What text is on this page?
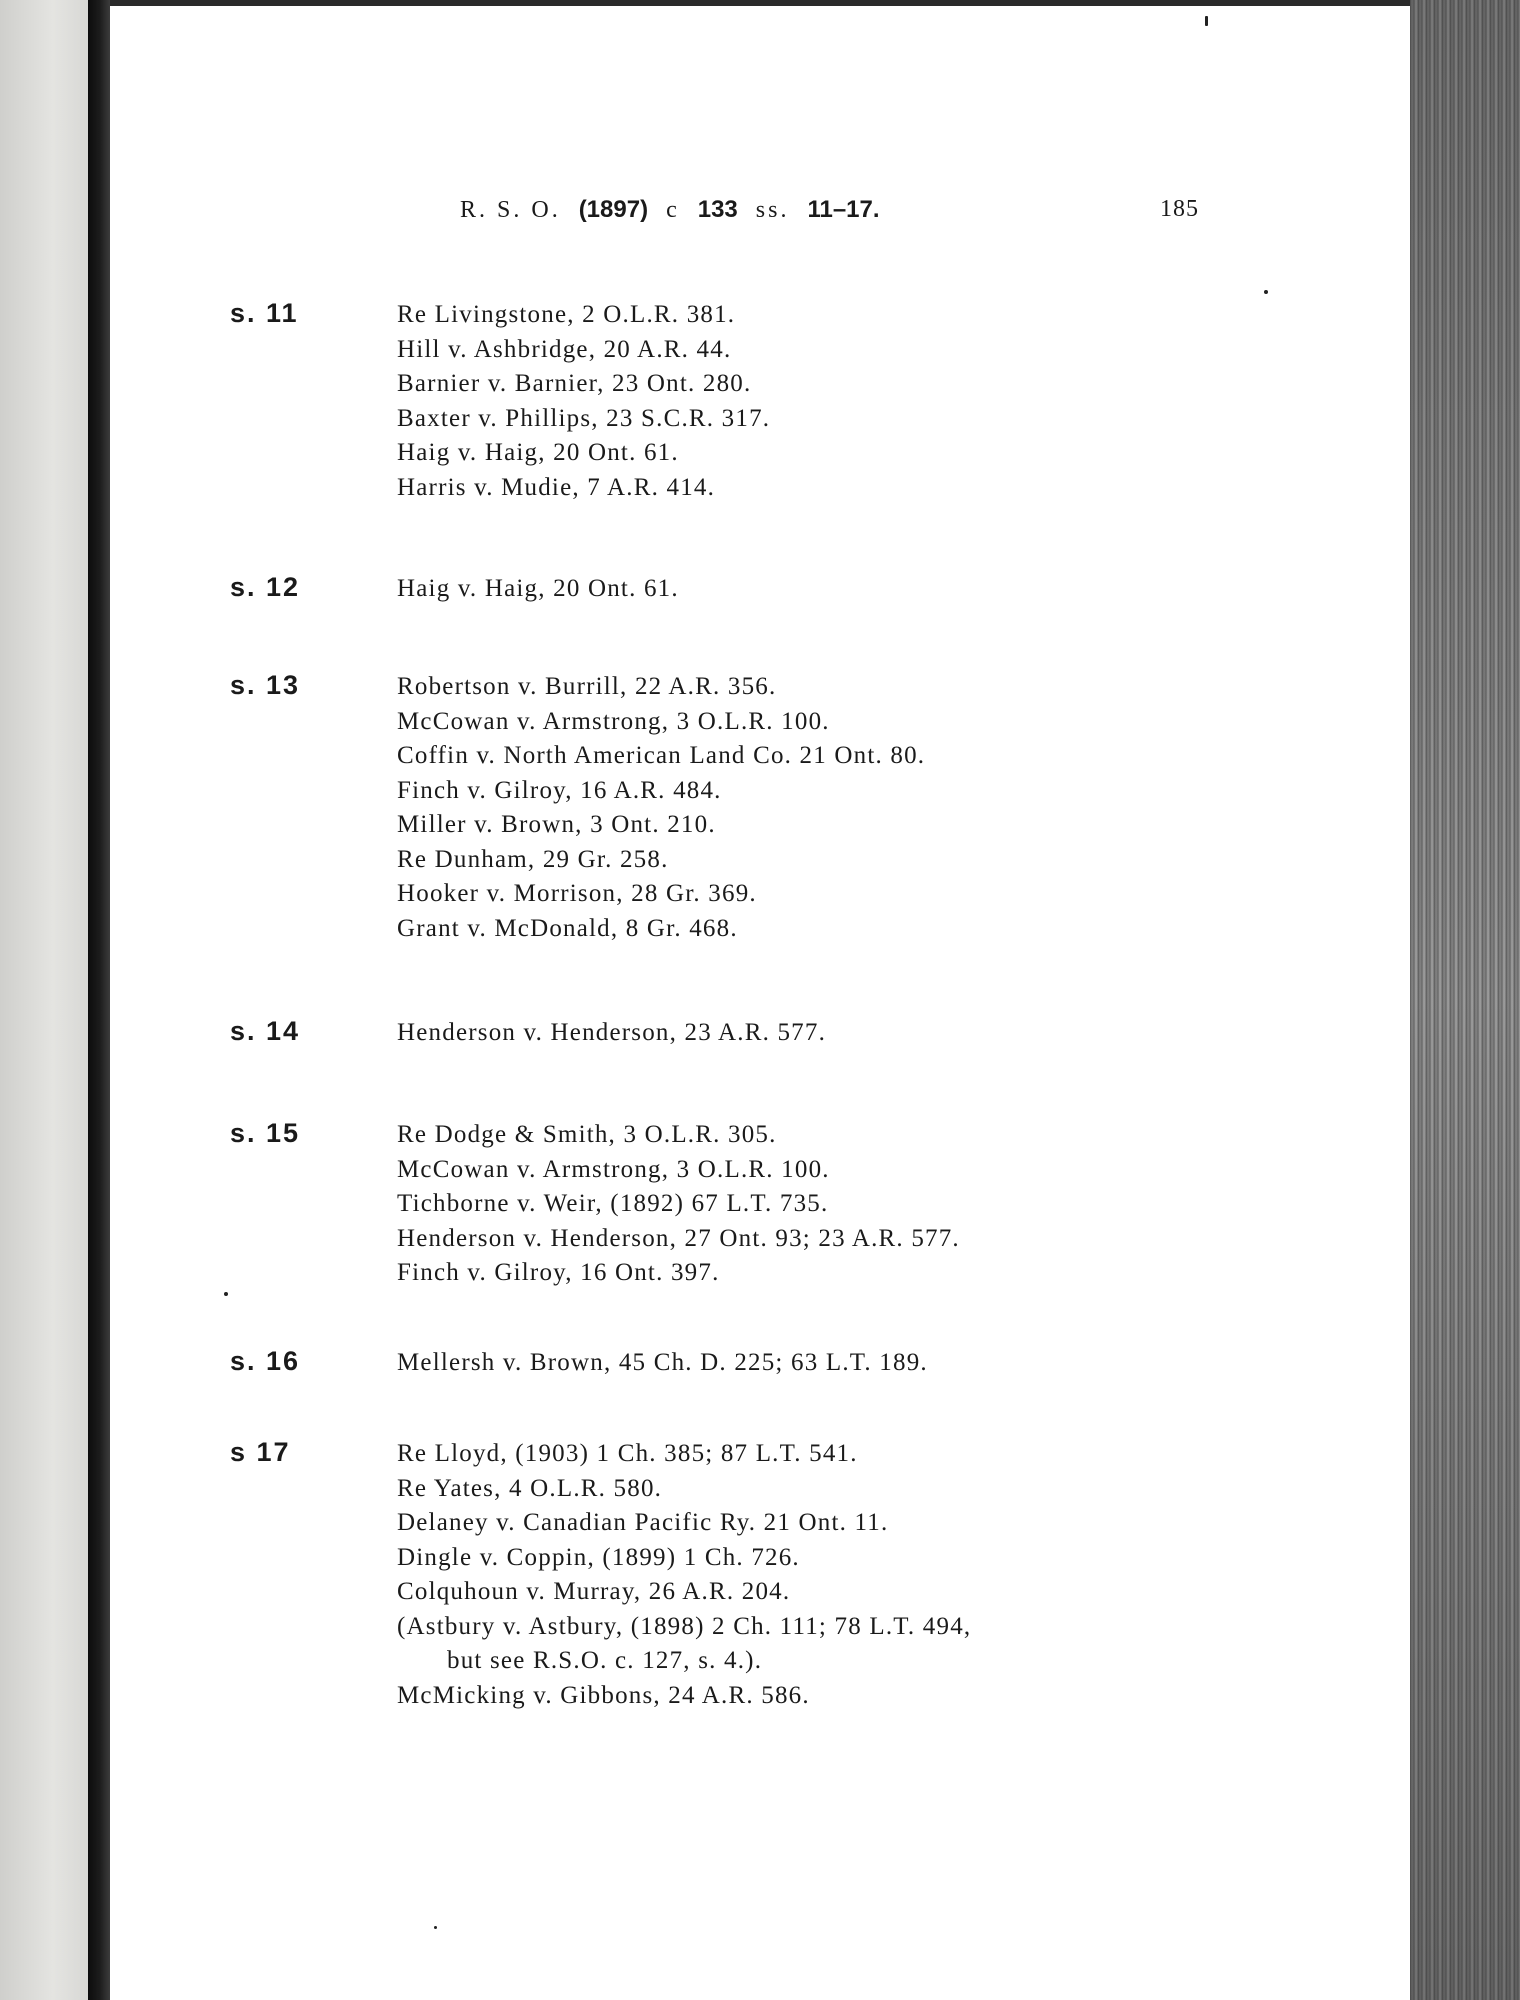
R. S. O. (1897) c 133 ss. 11–17.	185
s. 11	Re Livingstone, 2 O.L.R. 381.
Hill v. Ashbridge, 20 A.R. 44.
Barnier v. Barnier, 23 Ont. 280.
Baxter v. Phillips, 23 S.C.R. 317.
Haig v. Haig, 20 Ont. 61.
Harris v. Mudie, 7 A.R. 414.
s. 12	Haig v. Haig, 20 Ont. 61.
s. 13	Robertson v. Burrill, 22 A.R. 356.
McCowan v. Armstrong, 3 O.L.R. 100.
Coffin v. North American Land Co. 21 Ont. 80.
Finch v. Gilroy, 16 A.R. 484.
Miller v. Brown, 3 Ont. 210.
Re Dunham, 29 Gr. 258.
Hooker v. Morrison, 28 Gr. 369.
Grant v. McDonald, 8 Gr. 468.
s. 14	Henderson v. Henderson, 23 A.R. 577.
s. 15	Re Dodge & Smith, 3 O.L.R. 305.
McCowan v. Armstrong, 3 O.L.R. 100.
Tichborne v. Weir, (1892) 67 L.T. 735.
Henderson v. Henderson, 27 Ont. 93; 23 A.R. 577.
Finch v. Gilroy, 16 Ont. 397.
s. 16	Mellersh v. Brown, 45 Ch. D. 225; 63 L.T. 189.
s 17	Re Lloyd, (1903) 1 Ch. 385; 87 L.T. 541.
Re Yates, 4 O.L.R. 580.
Delaney v. Canadian Pacific Ry. 21 Ont. 11.
Dingle v. Coppin, (1899) 1 Ch. 726.
Colquhoun v. Murray, 26 A.R. 204.
(Astbury v. Astbury, (1898) 2 Ch. 111; 78 L.T. 494,
but see R.S.O. c. 127, s. 4.).
McMicking v. Gibbons, 24 A.R. 586.
